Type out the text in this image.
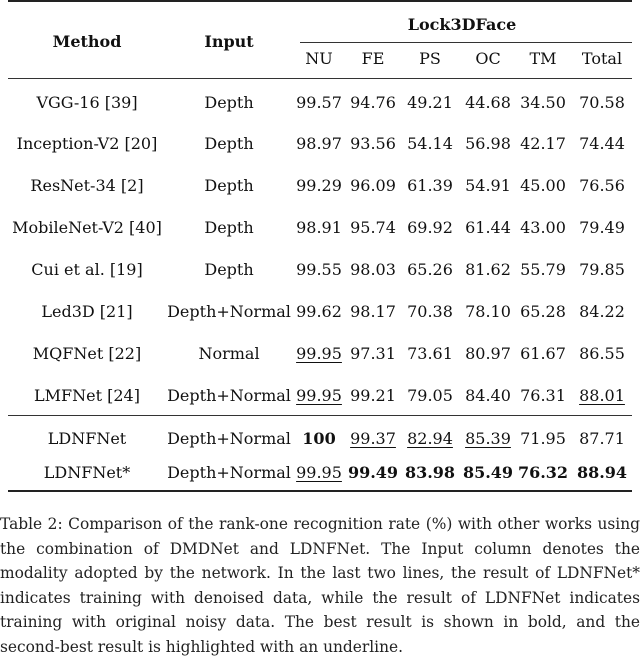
Method	Input
Lock3DFace
NU FE PS OC TM Total
VGG-16 [39]	Depth	99.57 94.76 49.21 44.68 34.50 70.58
Inception-V2 [20]	Depth	98.97 93.56 54.14 56.98 42.17 74.44
ResNet-34 [2]	Depth	99.29 96.09 61.39 54.91 45.00 76.56
MobileNet-V2 [40]	Depth	98.91 95.74 69.92 61.44 43.00 79.49
Cui et al. [19]	Depth	99.55 98.03 65.26 81.62 55.79 79.85
Led3D [21] Depth+Normal 99.62 98.17 70.38 78.10 65.28 84.22
MQFNet [22]	Normal 99.95 97.31 73.61 80.97 61.67 86.55
LMFNet [24] Depth+Normal 99.95 99.21 79.05 84.40 76.31 88.01
LDNFNet	Depth+Normal 100 99.37 82.94 85.39 71.95 87.71
LDNFNet* Depth+Normal 99.95 99.49 83.98 85.49 76.32 88.94
Table 2: Comparison of the rank-one recognition rate (%) with other works using the combination of DMDNet and LDNFNet. The Input column denotes the modality adopted by the network. In the last two lines, the result of LDNFNet* indicates training with denoised data, while the result of LDNFNet indicates training with original noisy data. The best result is shown in bold, and the second-best result is highlighted with an underline.
